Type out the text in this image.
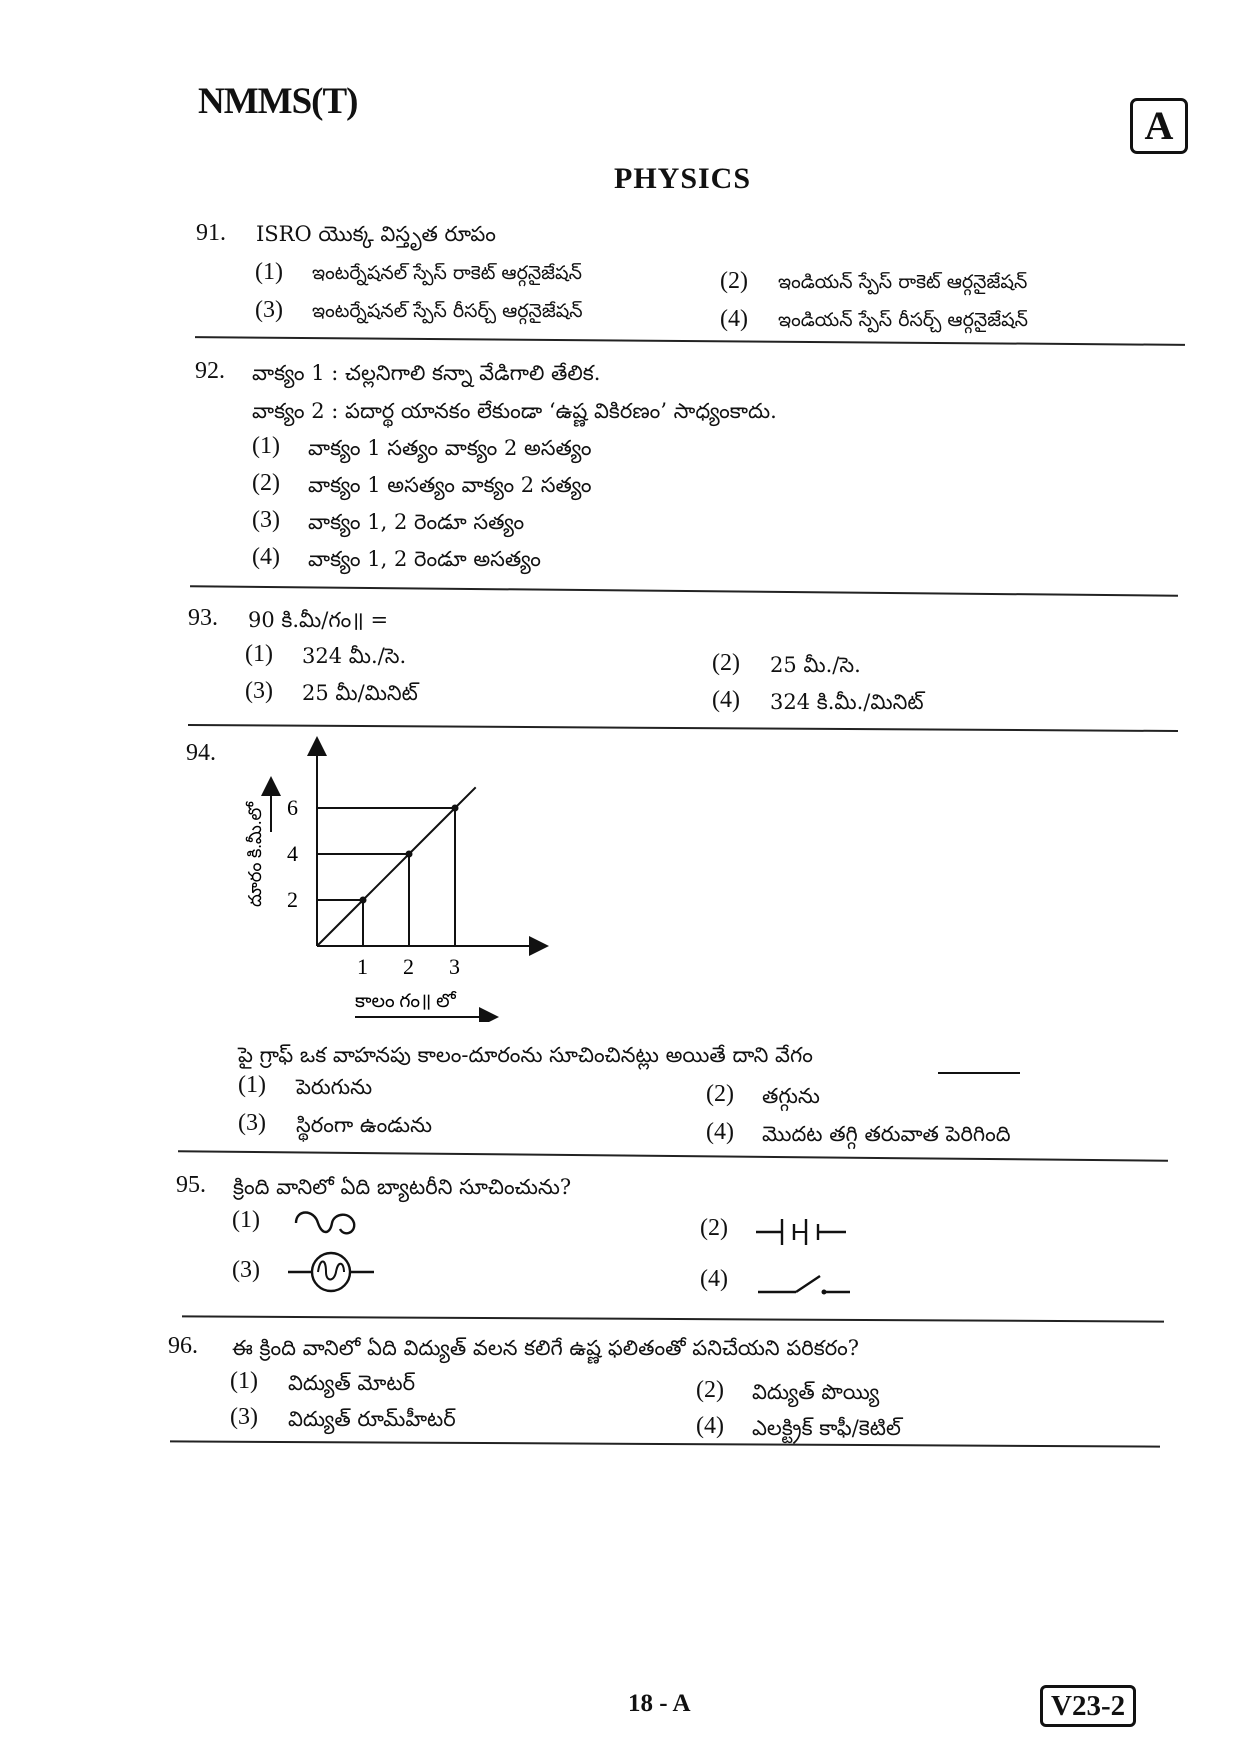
NMMS(T)
A
PHYSICS
91. ISRO యొక్క విస్తృత రూపం
(1) ఇంటర్నేషనల్ స్పేస్ రాకెట్ ఆర్గనైజేషన్	(2) ఇండియన్ స్పేస్ రాకెట్ ఆర్గనైజేషన్
(3) ఇంటర్నేషనల్ స్పేస్ రీసర్చ్ ఆర్గనైజేషన్	(4) ఇండియన్ స్పేస్ రీసర్చ్ ఆర్గనైజేషన్
92. వాక్యం 1 : చల్లనిగాలి కన్నా వేడిగాలి తేలిక.
వాక్యం 2 : పదార్థ యానకం లేకుండా ‘ఉష్ణ వికిరణం’ సాధ్యంకాదు.
(1) వాక్యం 1 సత్యం వాక్యం 2 అసత్యం
(2) వాక్యం 1 అసత్యం వాక్యం 2 సత్యం
(3) వాక్యం 1, 2 రెండూ సత్యం
(4) వాక్యం 1, 2 రెండూ అసత్యం
93. 90 కి.మీ/గం॥ =
(1) 324 మీ./సె.	(2) 25 మీ./సె.
(3) 25 మీ/మినిట్	(4) 324 కి.మీ./మినిట్
94.
1 2 3
2
4
6
కాలం గం॥ లో
దూరం కి.మీ.లో
పై గ్రాఫ్ ఒక వాహనపు కాలం-దూరంను సూచించినట్లు అయితే దాని వేగం
(1) పెరుగును	(2) తగ్గును
(3) స్థిరంగా ఉండును	(4) మొదట తగ్గి తరువాత పెరిగింది
95. క్రింది వానిలో ఏది బ్యాటరీని సూచించును?
(1)	(2)
(3)	(4)
96. ఈ క్రింది వానిలో ఏది విద్యుత్ వలన కలిగే ఉష్ణ ఫలితంతో పనిచేయని పరికరం?
(1) విద్యుత్ మోటర్	(2) విద్యుత్ పొయ్యి
(3) విద్యుత్ రూమ్‌హీటర్	(4) ఎలక్ట్రిక్ కాఫీ/కెటిల్
18 - A	V23-2
